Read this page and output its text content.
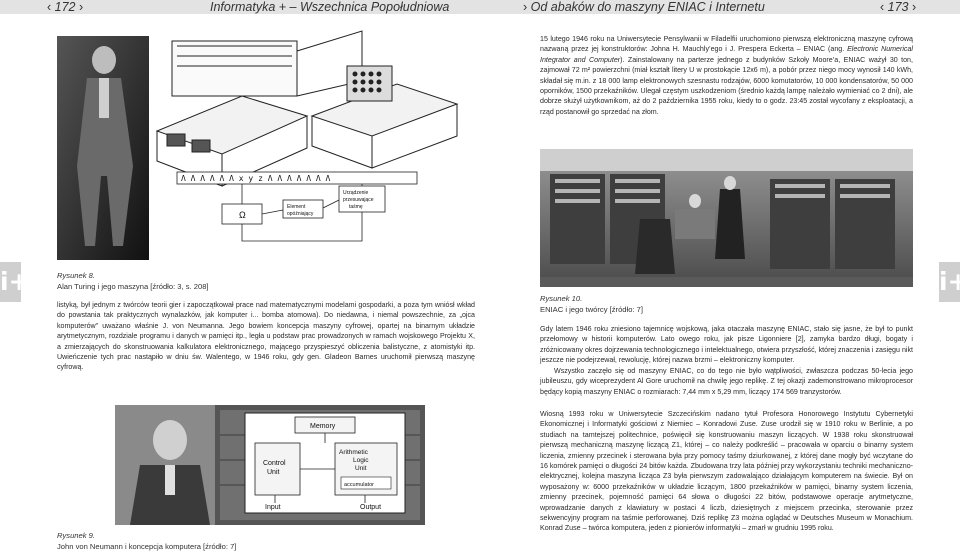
‹ 172 ›	Informatyka + – Wszechnica Popołudniowa	› Od abaków do maszyny ENIAC i Internetu	‹ 173 ›
i+	i+
Λ Λ Λ Λ Λ Λ x y z Λ Λ Λ Λ Λ Λ Λ
Ω
Element
opóźniający
Urządzenie
przesuwające
taśmę
Rysunek 8.
Alan Turing i jego maszyna [źródło: 3, s. 208]

listyką, był jednym z twórców teorii gier i zapoczątkował prace nad matematycznymi modelami gospodarki, a poza tym wniósł wkład do powstania tak praktycznych wynalazków, jak komputer i... bomba atomowa). Do niedawna, i niemal powszechnie, za „ojca komputerów” uważano właśnie J. von Neumanna. Jego bowiem koncepcja maszyny cyfrowej, opartej na binarnym układzie arytmetycznym, rozdziale programu i danych w pamięci itp., legła u podstaw prac prowadzonych w ramach wojskowego Projektu X, a zmierzających do skonstruowania kalkulatora elektronicznego, mającego przyspieszyć obliczenia balistyczne, z atomistyki itp. Uwieńczenie tych prac nastąpiło w dniu św. Walentego, w 1946 roku, gdy gen. Gladeon Barnes uruchomił pierwszą maszynę cyfrową.

Memory
Control
Unit
Arithmetic
Logic
Unit
accumulator
Input	Output
Rysunek 9.
John von Neumann i koncepcja komputera [źródło: 7]

15 lutego 1946 roku na Uniwersytecie Pensylwanii w Filadelfii uruchomiono pierwszą elektroniczną maszynę cyfrową nazwaną przez jej konstruktorów: Johna H. Mauchly’ego i J. Prespera Eckerta – ENIAC (ang. Electronic Numerical Integrator and Computer). Zainstalowany na parterze jednego z budynków Szkoły Moore’a, ENIAC ważył 30 ton, zajmował 72 m² powierzchni (miał kształt litery U w prostokącie 12x6 m), a pobór przez niego mocy wynosił 140 kWh, składał się m.in. z 18 000 lamp elektronowych szesnastu rodzajów, 6000 komutatorów, 10 000 kondensatorów, 50 000 oporników, 1500 przekaźników. Ulegał częstym uszkodzeniom (średnio każdą lampę należało wymieniać co 2 dni), ale dobrze służył użytkownikom, aż do 2 października 1955 roku, kiedy to o godz. 23:45 został wycofany z eksploatacji, a rząd postanowił go sprzedać na złom.

Rysunek 10.
ENIAC i jego twórcy [źródło: 7]

Gdy latem 1946 roku zniesiono tajemnicę wojskową, jaka otaczała maszynę ENIAC, stało się jasne, że był to punkt przełomowy w historii komputerów. Lato owego roku, jak pisze Ligonniere [2], zamyka bardzo długi, bogaty i zróżnicowany okres dojrzewania technologicznego i intelektualnego, otwiera przyszłość, której znaczenia i zasięgu nikt jeszcze nie podejrzewał, rewolucję, której nazwa brzmi – elektroniczny komputer.

Wszystko zaczęło się od maszyny ENIAC, co do tego nie było wątpliwości, zwłaszcza podczas 50-lecia jego jubileuszu, gdy wiceprezydent Al Gore uruchomił na chwilę jego replikę. Z tej okazji zademonstrowano mikroprocesor będący kopią maszyny ENIAC o rozmiarach: 7,44 mm x 5,29 mm, liczący 174 569 tranzystorów.

Wiosną 1993 roku w Uniwersytecie Szczecińskim nadano tytuł Profesora Honorowego Instytutu Cybernetyki Ekonomicznej i Informatyki gościowi z Niemiec – Konradowi Zuse. Zuse urodził się w 1910 roku w Berlinie, a po studiach na tamtejszej politechnice, poświęcił się konstruowaniu maszyn liczących. W 1938 roku skonstruował pierwszą mechaniczną maszynę liczącą Z1, której – co należy podkreślić – pracowała w oparciu o binarny system liczenia, zmienny przecinek i sterowana była przy pomocy taśmy dziurkowanej, z której dane mogły być wczytane do 16 komórek pamięci o długości 24 bitów każda. Zbudowana trzy lata później przy wykorzystaniu techniki mechaniczno-elektrycznej, kolejna maszyna licząca Z3 była pierwszym zadowalająco działającym komputerem na świecie. Był on wyposażony w: 6000 przekaźników w układzie liczącym, 1800 przekaźników w pamięci, binarny system liczenia, zmienny przecinek, pojemność pamięci 64 słowa o długości 22 bitów, podstawowe operacje arytmetyczne, wprowadzanie danych z klawiatury w postaci 4 liczb, dziesiętnych z miejscem przecinka, sterowanie przez sekwencyjny program na taśmie perforowanej. Dziś replikę Z3 można oglądać w Deutsches Museum w Monachium. Konrad Zuse – twórca komputera, jeden z pionierów informatyki – zmarł w grudniu 1995 roku.
